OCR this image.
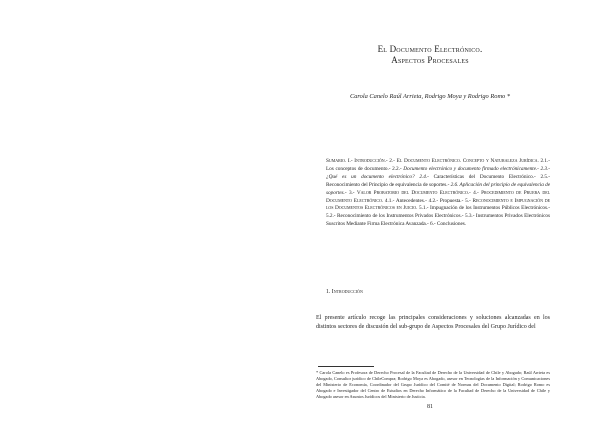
El Documento Electrónico.
Aspectos Procesales
Carola Canelo Raúl Arrieta, Rodrigo Moya y Rodrigo Romo *
Sumario. I.- Introducción.- 2.- El Documento Electrónico. Concepto y Naturaleza Jurídica. 2.1.- Los conceptos de documento.- 2.2.- Documento electrónico y documento firmado electrónicamente.- 2.3.- ¿Qué es un documento electrónico? 2.4.- Características del Documento Electrónico.- 2.5.- Reconocimiento del Principio de equivalencia de soportes.- 2.6. Aplicación del principio de equivalencia de soportes.- 3.- Valor Probatorio del Documento Electrónico.- 4.- Procedimiento de Prueba del Documento Electrónico. 4.1.- Antecedentes.- 4.2.- Propuesta.- 5.- Reconocimiento e Impugnación de los Documentos Electrónicos en Juicio. 5.1.- Impugnación de los Instrumentos Públicos Electrónicos.- 5.2.- Reconocimiento de los Instrumentos Privados Electrónicos.- 5.3.- Instrumentos Privados Electrónicos Suscritos Mediante Firma Electrónica Avanzada.- 6.- Conclusiones.
1. Introducción
El presente artículo recoge las principales consideraciones y soluciones alcanzadas en los distintos sectores de discusión del sub-grupo de Aspectos Procesales del Grupo Jurídico del
* Carola Canelo es Profesora de Derecho Procesal de la Facultad de Derecho de la Universidad de Chile y Abogado; Raúl Arrieta es Abogado, Consultor jurídico de ChileCompra; Rodrigo Moya es Abogado, asesor en Tecnologías de la Información y Comunicaciones del Ministerio de Economía, Coordinador del Grupo Jurídico del Comité de Normas del Documento Digital; Rodrigo Romo es Abogado e Investigador del Centro de Estudios en Derecho Informático de la Facultad de Derecho de la Universidad de Chile y Abogado asesor en Asuntos Jurídicos del Ministerio de Justicia.
81
